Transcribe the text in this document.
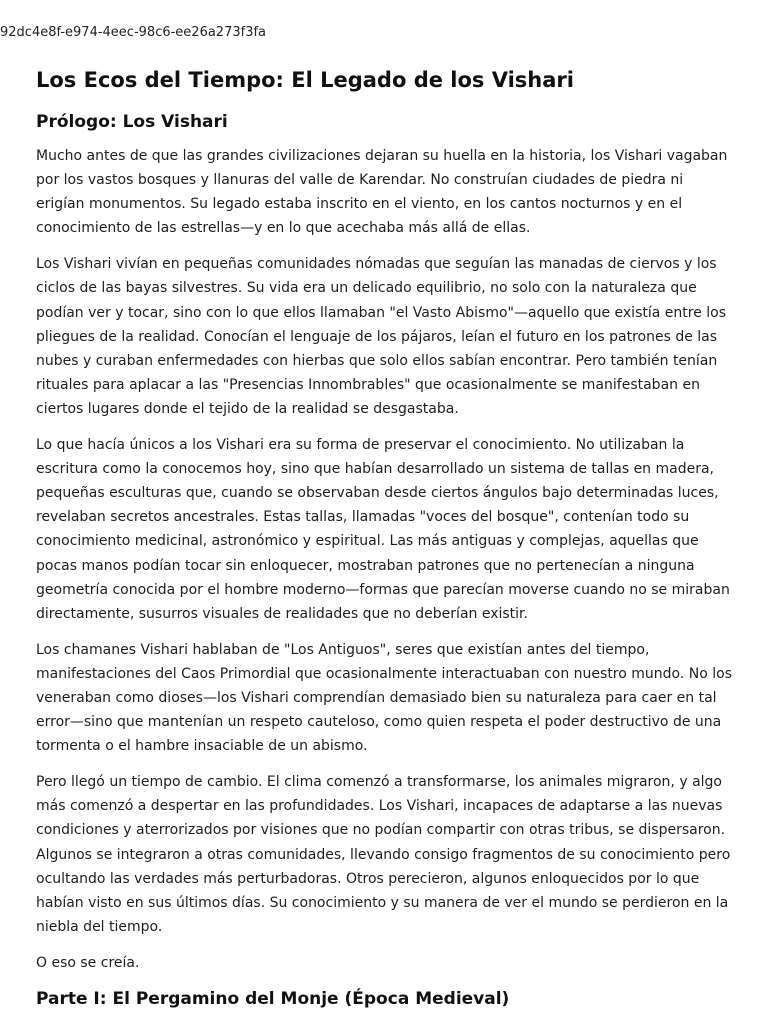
92dc4e8f-e974-4eec-98c6-ee26a273f3fa
Los Ecos del Tiempo: El Legado de los Vishari
Prólogo: Los Vishari

Mucho antes de que las grandes civilizaciones dejaran su huella en la historia, los Vishari vagaban por los vastos bosques y llanuras del valle de Karendar. No construían ciudades de piedra ni erigían monumentos. Su legado estaba inscrito en el viento, en los cantos nocturnos y en el conocimiento de las estrellas—y en lo que acechaba más allá de ellas.

Los Vishari vivían en pequeñas comunidades nómadas que seguían las manadas de ciervos y los ciclos de las bayas silvestres. Su vida era un delicado equilibrio, no solo con la naturaleza que podían ver y tocar, sino con lo que ellos llamaban "el Vasto Abismo"—aquello que existía entre los pliegues de la realidad. Conocían el lenguaje de los pájaros, leían el futuro en los patrones de las nubes y curaban enfermedades con hierbas que solo ellos sabían encontrar. Pero también tenían rituales para aplacar a las "Presencias Innombrables" que ocasionalmente se manifestaban en ciertos lugares donde el tejido de la realidad se desgastaba.

Lo que hacía únicos a los Vishari era su forma de preservar el conocimiento. No utilizaban la escritura como la conocemos hoy, sino que habían desarrollado un sistema de tallas en madera, pequeñas esculturas que, cuando se observaban desde ciertos ángulos bajo determinadas luces, revelaban secretos ancestrales. Estas tallas, llamadas "voces del bosque", contenían todo su conocimiento medicinal, astronómico y espiritual. Las más antiguas y complejas, aquellas que pocas manos podían tocar sin enloquecer, mostraban patrones que no pertenecían a ninguna geometría conocida por el hombre moderno—formas que parecían moverse cuando no se miraban directamente, susurros visuales de realidades que no deberían existir.

Los chamanes Vishari hablaban de "Los Antiguos", seres que existían antes del tiempo, manifestaciones del Caos Primordial que ocasionalmente interactuaban con nuestro mundo. No los veneraban como dioses—los Vishari comprendían demasiado bien su naturaleza para caer en tal error—sino que mantenían un respeto cauteloso, como quien respeta el poder destructivo de una tormenta o el hambre insaciable de un abismo.

Pero llegó un tiempo de cambio. El clima comenzó a transformarse, los animales migraron, y algo más comenzó a despertar en las profundidades. Los Vishari, incapaces de adaptarse a las nuevas condiciones y aterrorizados por visiones que no podían compartir con otras tribus, se dispersaron. Algunos se integraron a otras comunidades, llevando consigo fragmentos de su conocimiento pero ocultando las verdades más perturbadoras. Otros perecieron, algunos enloquecidos por lo que habían visto en sus últimos días. Su conocimiento y su manera de ver el mundo se perdieron en la niebla del tiempo.

O eso se creía.

Parte I: El Pergamino del Monje (Época Medieval)
